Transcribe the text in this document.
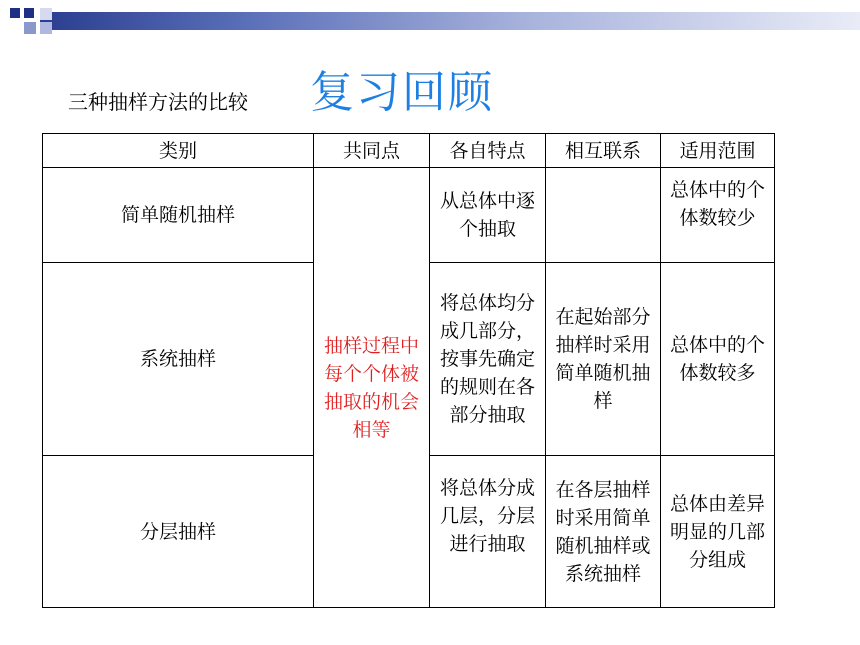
三种抽样方法的比较 复习回顾
类别	共同点	各自特点	相互联系	适用范围
简单随机抽样	抽样过程中每个个体被抽取的机会相等	从总体中逐个抽取		总体中的个体数较少
系统抽样		将总体均分成几部分，按事先确定的规则在各部分抽取	在起始部分抽样时采用简单随机抽样	总体中的个体数较多
分层抽样		将总体分成几层，分层进行抽取	在各层抽样时采用简单随机抽样或系统抽样	总体由差异明显的几部分组成
